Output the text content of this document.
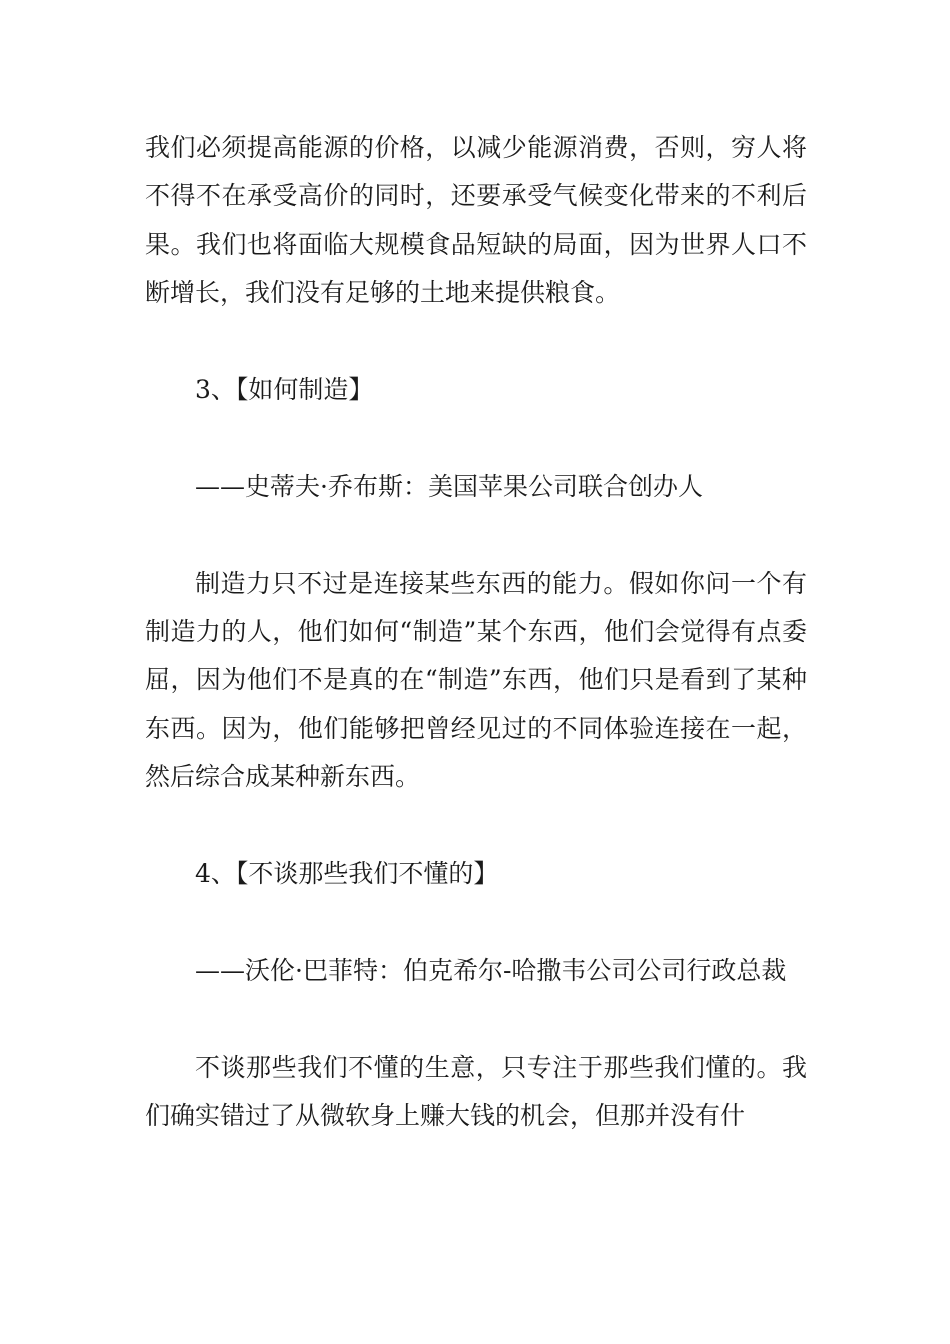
我们必须提高能源的价格，以减少能源消费，否则，穷人将不得不在承受高价的同时，还要承受气候变化带来的不利后果。我们也将面临大规模食品短缺的局面，因为世界人口不断增长，我们没有足够的土地来提供粮食。

3、【如何制造】

——史蒂夫·乔布斯：美国苹果公司联合创办人

制造力只不过是连接某些东西的能力。假如你问一个有制造力的人，他们如何“制造”某个东西，他们会觉得有点委屈，因为他们不是真的在“制造”东西，他们只是看到了某种东西。因为，他们能够把曾经见过的不同体验连接在一起，然后综合成某种新东西。

4、【不谈那些我们不懂的】

——沃伦·巴菲特：伯克希尔-哈撒韦公司公司行政总裁

不谈那些我们不懂的生意，只专注于那些我们懂的。我们确实错过了从微软身上赚大钱的机会，但那并没有什
